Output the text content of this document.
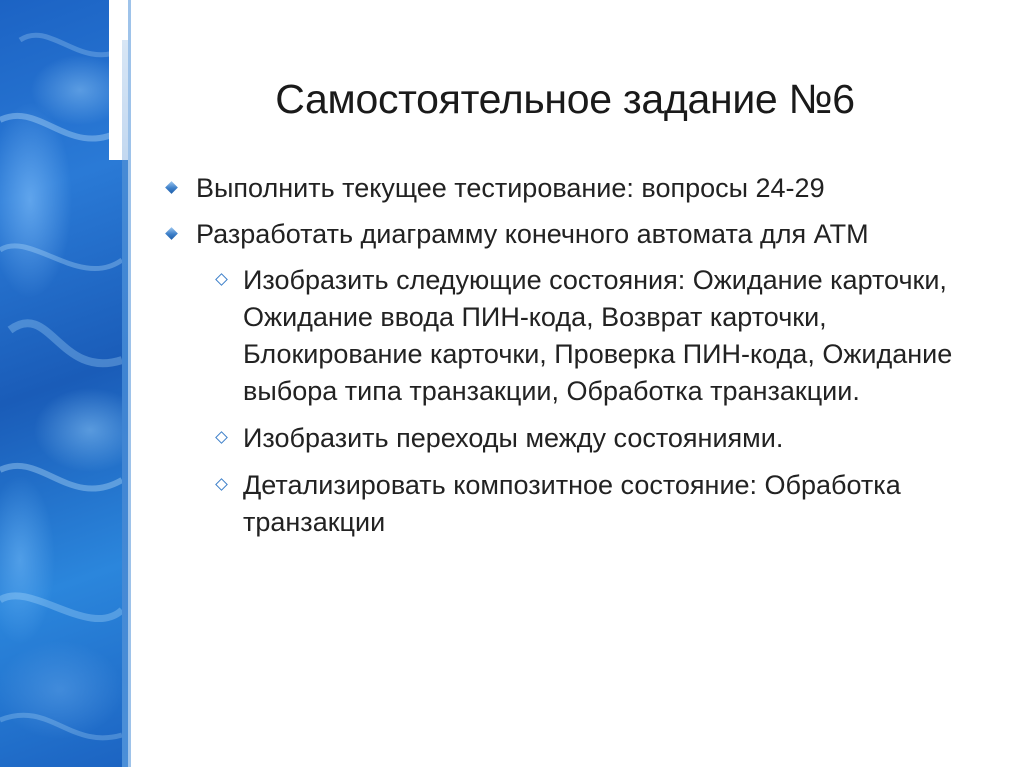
Самостоятельное задание №6
Выполнить текущее тестирование: вопросы 24-29
Разработать диаграмму конечного автомата для АТМ
Изобразить следующие состояния: Ожидание карточки, Ожидание ввода ПИН-кода, Возврат карточки, Блокирование карточки, Проверка ПИН-кода, Ожидание выбора типа транзакции, Обработка транзакции.
Изобразить переходы между состояниями.
Детализировать композитное состояние: Обработка транзакции
